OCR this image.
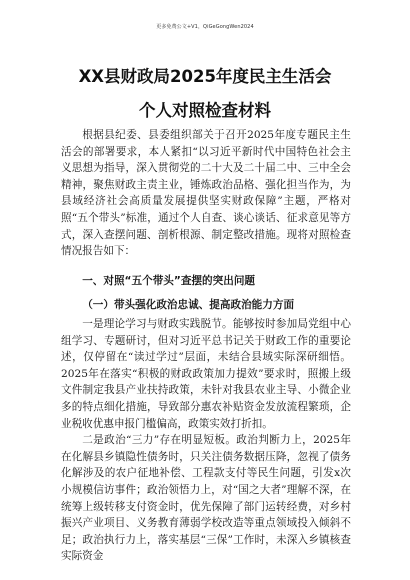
更多免费公文+V1，QiGeGongWen2024
XX县财政局2025年度民主生活会
个人对照检查材料

根据县纪委、县委组织部关于召开2025年度专题民主生活会的部署要求，本人紧扣“以习近平新时代中国特色社会主义思想为指导，深入贯彻党的二十大及二十届二中、三中全会精神，聚焦财政主责主业，锤炼政治品格、强化担当作为，为县域经济社会高质量发展提供坚实财政保障”主题，严格对照“五个带头”标准，通过个人自查、谈心谈话、征求意见等方式，深入查摆问题、剖析根源、制定整改措施。现将对照检查情况报告如下：

一、对照“五个带头”查摆的突出问题
（一）带头强化政治忠诚、提高政治能力方面

一是理论学习与财政实践脱节。能够按时参加局党组中心组学习、专题研讨，但对习近平总书记关于财政工作的重要论述，仅停留在“读过学过”层面，未结合县域实际深研细悟。2025年在落实“积极的财政政策加力提效”要求时，照搬上级文件制定我县产业扶持政策，未针对我县农业主导、小微企业多的特点细化措施，导致部分惠农补贴资金发放流程繁琐，企业税收优惠申报门槛偏高，政策实效打折扣。

二是政治“三力”存在明显短板。政治判断力上，2025年在化解县乡镇隐性债务时，只关注债务数据压降，忽视了债务化解涉及的农户征地补偿、工程款支付等民生问题，引发x次小规模信访事件；政治领悟力上，对“国之大者”理解不深，在统筹上级转移支付资金时，优先保障了部门运转经费，对乡村振兴产业项目、义务教育薄弱学校改造等重点领域投入倾斜不足；政治执行力上，落实基层“三保”工作时，未深入乡镇核查实际资金
